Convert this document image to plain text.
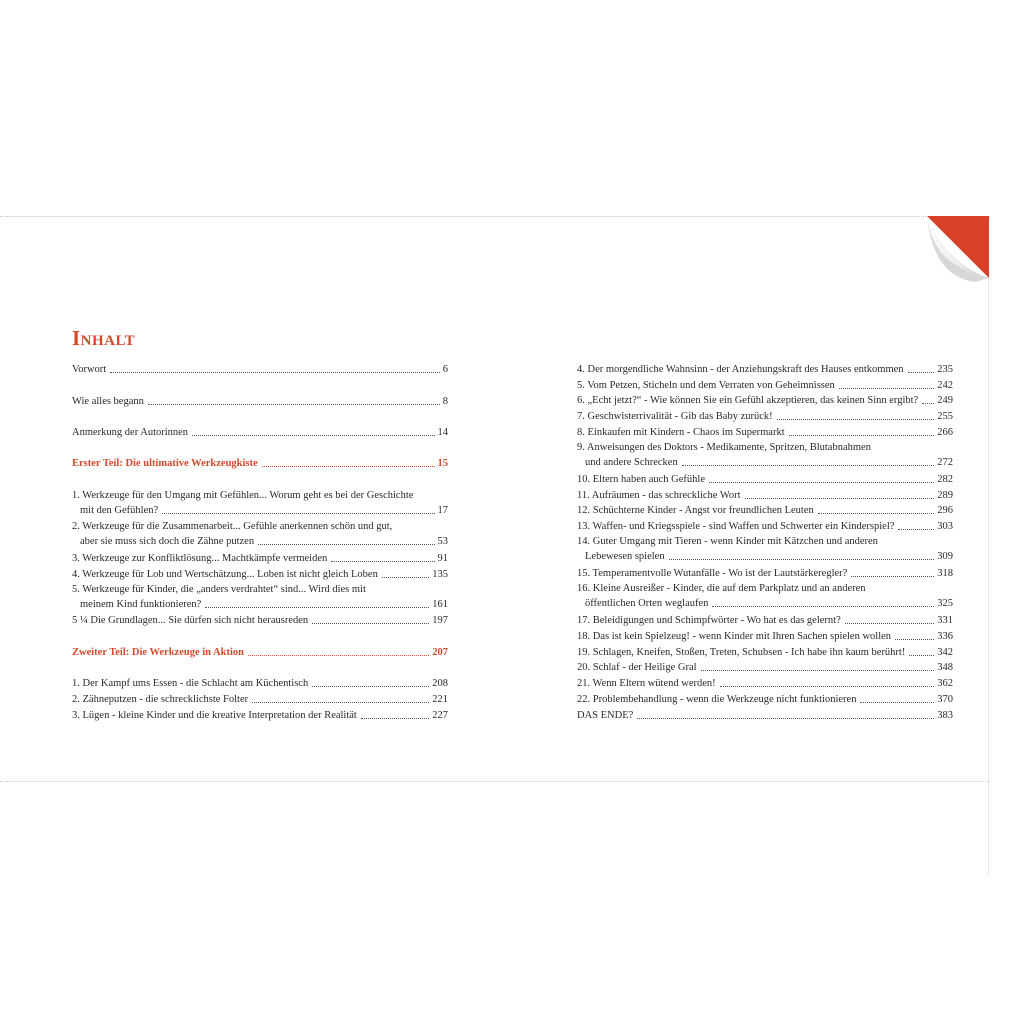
Inhalt
Vorwort	6
Wie alles begann	8
Anmerkung der Autorinnen	14
Erster Teil: Die ultimative Werkzeugkiste	15
1. Werkzeuge für den Umgang mit Gefühlen... Worum geht es bei der Geschichte
mit den Gefühlen?	17
2. Werkzeuge für die Zusammenarbeit... Gefühle anerkennen schön und gut,
aber sie muss sich doch die Zähne putzen	53
3. Werkzeuge zur Konfliktlösung... Machtkämpfe vermeiden	91
4. Werkzeuge für Lob und Wertschätzung... Loben ist nicht gleich Loben	135
5. Werkzeuge für Kinder, die „anders verdrahtet“ sind... Wird dies mit
meinem Kind funktionieren?	161
5 ¼ Die Grundlagen... Sie dürfen sich nicht herausreden	197
Zweiter Teil: Die Werkzeuge in Aktion	207
1. Der Kampf ums Essen - die Schlacht am Küchentisch	208
2. Zähneputzen - die schrecklichste Folter	221
3. Lügen - kleine Kinder und die kreative Interpretation der Realität	227
4. Der morgendliche Wahnsinn - der Anziehungskraft des Hauses entkommen	235
5. Vom Petzen, Sticheln und dem Verraten von Geheimnissen	242
6. „Echt jetzt?“ - Wie können Sie ein Gefühl akzeptieren, das keinen Sinn ergibt? 249
7. Geschwisterrivalität - Gib das Baby zurück!	255
8. Einkaufen mit Kindern - Chaos im Supermarkt	266
9. Anweisungen des Doktors - Medikamente, Spritzen, Blutabnahmen
und andere Schrecken	272
10. Eltern haben auch Gefühle	282
11. Aufräumen - das schreckliche Wort	289
12. Schüchterne Kinder - Angst vor freundlichen Leuten	296
13. Waffen- und Kriegsspiele - sind Waffen und Schwerter ein Kinderspiel?	303
14. Guter Umgang mit Tieren - wenn Kinder mit Kätzchen und anderen
Lebewesen spielen	309
15. Temperamentvolle Wutanfälle - Wo ist der Lautstärkeregler?	318
16. Kleine Ausreißer - Kinder, die auf dem Parkplatz und an anderen
öffentlichen Orten weglaufen	325
17. Beleidigungen und Schimpfwörter - Wo hat es das gelernt?	331
18. Das ist kein Spielzeug! - wenn Kinder mit Ihren Sachen spielen wollen	336
19. Schlagen, Kneifen, Stoßen, Treten, Schubsen - Ich habe ihn kaum berührt!	342
20. Schlaf - der Heilige Gral	348
21. Wenn Eltern wütend werden!	362
22. Problembehandlung - wenn die Werkzeuge nicht funktionieren	370
DAS ENDE?	383
